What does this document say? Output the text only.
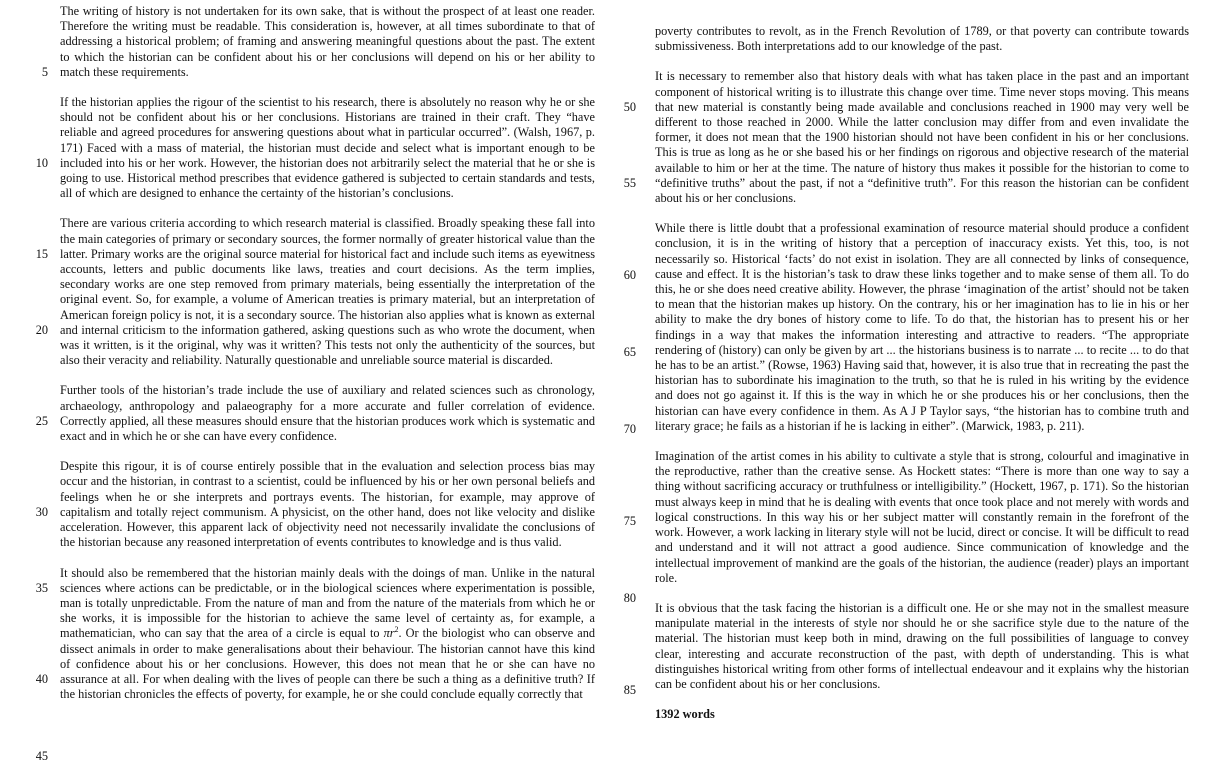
5
10
15
20
25
30
35
40
45
50
55
60
65
70
75
80
85

The writing of history is not undertaken for its own sake, that is without the prospect of at least one reader. Therefore the writing must be readable. This consideration is, however, at all times subordinate to that of addressing a historical problem; of framing and answering meaningful questions about the past. The extent to which the historian can be confident about his or her conclusions will depend on his or her ability to match these requirements.

If the historian applies the rigour of the scientist to his research, there is absolutely no reason why he or she should not be confident about his or her conclusions. Historians are trained in their craft. They “have reliable and agreed procedures for answering questions about what in particular occurred”. (Walsh, 1967, p. 171) Faced with a mass of material, the historian must decide and select what is important enough to be included into his or her work. However, the historian does not arbitrarily select the material that he or she is going to use. Historical method prescribes that evidence gathered is subjected to certain standards and tests, all of which are designed to enhance the certainty of the historian’s conclusions.

There are various criteria according to which research material is classified. Broadly speaking these fall into the main categories of primary or secondary sources, the former normally of greater historical value than the latter. Primary works are the original source material for historical fact and include such items as eyewitness accounts, letters and public documents like laws, treaties and court decisions. As the term implies, secondary works are one step removed from primary materials, being essentially the interpretation of the original event. So, for example, a volume of American treaties is primary material, but an interpretation of American foreign policy is not, it is a secondary source. The historian also applies what is known as external and internal criticism to the information gathered, asking questions such as who wrote the document, when was it written, is it the original, why was it written? This tests not only the authenticity of the sources, but also their veracity and reliability. Naturally questionable and unreliable source material is discarded.

Further tools of the historian’s trade include the use of auxiliary and related sciences such as chronology, archaeology, anthropology and palaeography for a more accurate and fuller correlation of evidence. Correctly applied, all these measures should ensure that the historian produces work which is systematic and exact and in which he or she can have every confidence.

Despite this rigour, it is of course entirely possible that in the evaluation and selection process bias may occur and the historian, in contrast to a scientist, could be influenced by his or her own personal beliefs and feelings when he or she interprets and portrays events. The historian, for example, may approve of capitalism and totally reject communism. A physicist, on the other hand, does not like velocity and dislike acceleration. However, this apparent lack of objectivity need not necessarily invalidate the conclusions of the historian because any reasoned interpretation of events contributes to knowledge and is thus valid.

It should also be remembered that the historian mainly deals with the doings of man. Unlike in the natural sciences where actions can be predictable, or in the biological sciences where experimentation is possible, man is totally unpredictable. From the nature of man and from the nature of the materials from which he or she works, it is impossible for the historian to achieve the same level of certainty as, for example, a mathematician, who can say that the area of a circle is equal to $\pi r^2$. Or the biologist who can observe and dissect animals in order to make generalisations about their behaviour. The historian cannot have this kind of confidence about his or her conclusions. However, this does not mean that he or she can have no assurance at all. For when dealing with the lives of people can there be such a thing as a definitive truth? If the historian chronicles the effects of poverty, for example, he or she could conclude equally correctly that

poverty contributes to revolt, as in the French Revolution of 1789, or that poverty can contribute towards submissiveness. Both interpretations add to our knowledge of the past.

It is necessary to remember also that history deals with what has taken place in the past and an important component of historical writing is to illustrate this change over time. Time never stops moving. This means that new material is constantly being made available and conclusions reached in 1900 may very well be different to those reached in 2000. While the latter conclusion may differ from and even invalidate the former, it does not mean that the 1900 historian should not have been confident in his or her conclusions. This is true as long as he or she based his or her findings on rigorous and objective research of the material available to him or her at the time. The nature of history thus makes it possible for the historian to come to “definitive truths” about the past, if not a “definitive truth”. For this reason the historian can be confident about his or her conclusions.

While there is little doubt that a professional examination of resource material should produce a confident conclusion, it is in the writing of history that a perception of inaccuracy exists. Yet this, too, is not necessarily so. Historical ‘facts’ do not exist in isolation. They are all connected by links of consequence, cause and effect. It is the historian’s task to draw these links together and to make sense of them all. To do this, he or she does need creative ability. However, the phrase ‘imagination of the artist’ should not be taken to mean that the historian makes up history. On the contrary, his or her imagination has to lie in his or her ability to make the dry bones of history come to life. To do that, the historian has to present his or her findings in a way that makes the information interesting and attractive to readers. “The appropriate rendering of (history) can only be given by art ... the historians business is to narrate ... to recite ... to do that he has to be an artist.” (Rowse, 1963) Having said that, however, it is also true that in recreating the past the historian has to subordinate his imagination to the truth, so that he is ruled in his writing by the evidence and does not go against it. If this is the way in which he or she produces his or her conclusions, then the historian can have every confidence in them. As A J P Taylor says, “the historian has to combine truth and literary grace; he fails as a historian if he is lacking in either”. (Marwick, 1983, p. 211).

Imagination of the artist comes in his ability to cultivate a style that is strong, colourful and imaginative in the reproductive, rather than the creative sense. As Hockett states: “There is more than one way to say a thing without sacrificing accuracy or truthfulness or intelligibility.” (Hockett, 1967, p. 171). So the historian must always keep in mind that he is dealing with events that once took place and not merely with words and logical constructions. In this way his or her subject matter will constantly remain in the forefront of the work. However, a work lacking in literary style will not be lucid, direct or concise. It will be difficult to read and understand and it will not attract a good audience. Since communication of knowledge and the intellectual improvement of mankind are the goals of the historian, the audience (reader) plays an important role.

It is obvious that the task facing the historian is a difficult one. He or she may not in the smallest measure manipulate material in the interests of style nor should he or she sacrifice style due to the nature of the material. The historian must keep both in mind, drawing on the full possibilities of language to convey clear, interesting and accurate reconstruction of the past, with depth of understanding. This is what distinguishes historical writing from other forms of intellectual endeavour and it explains why the historian can be confident about his or her conclusions.

1392 words
